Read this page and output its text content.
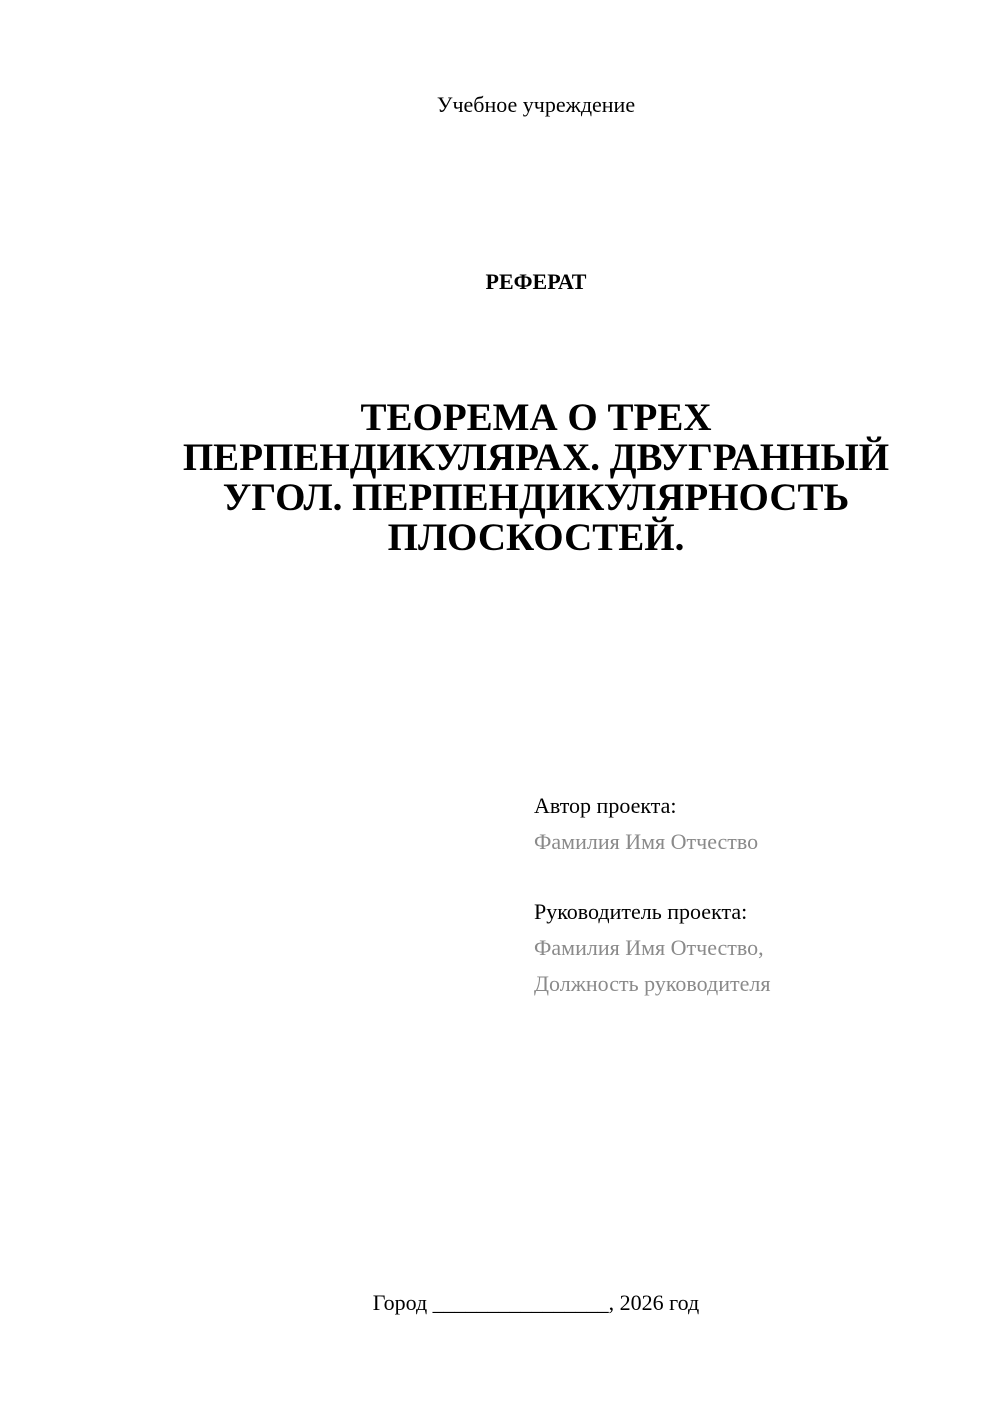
Учебное учреждение
РЕФЕРАТ
ТЕОРЕМА О ТРЕХ
ПЕРПЕНДИКУЛЯРАХ. ДВУГРАННЫЙ
УГОЛ. ПЕРПЕНДИКУЛЯРНОСТЬ
ПЛОСКОСТЕЙ.
Автор проекта:
Фамилия Имя Отчество
Руководитель проекта:
Фамилия Имя Отчество,
Должность руководителя
Город ________________, 2026 год
